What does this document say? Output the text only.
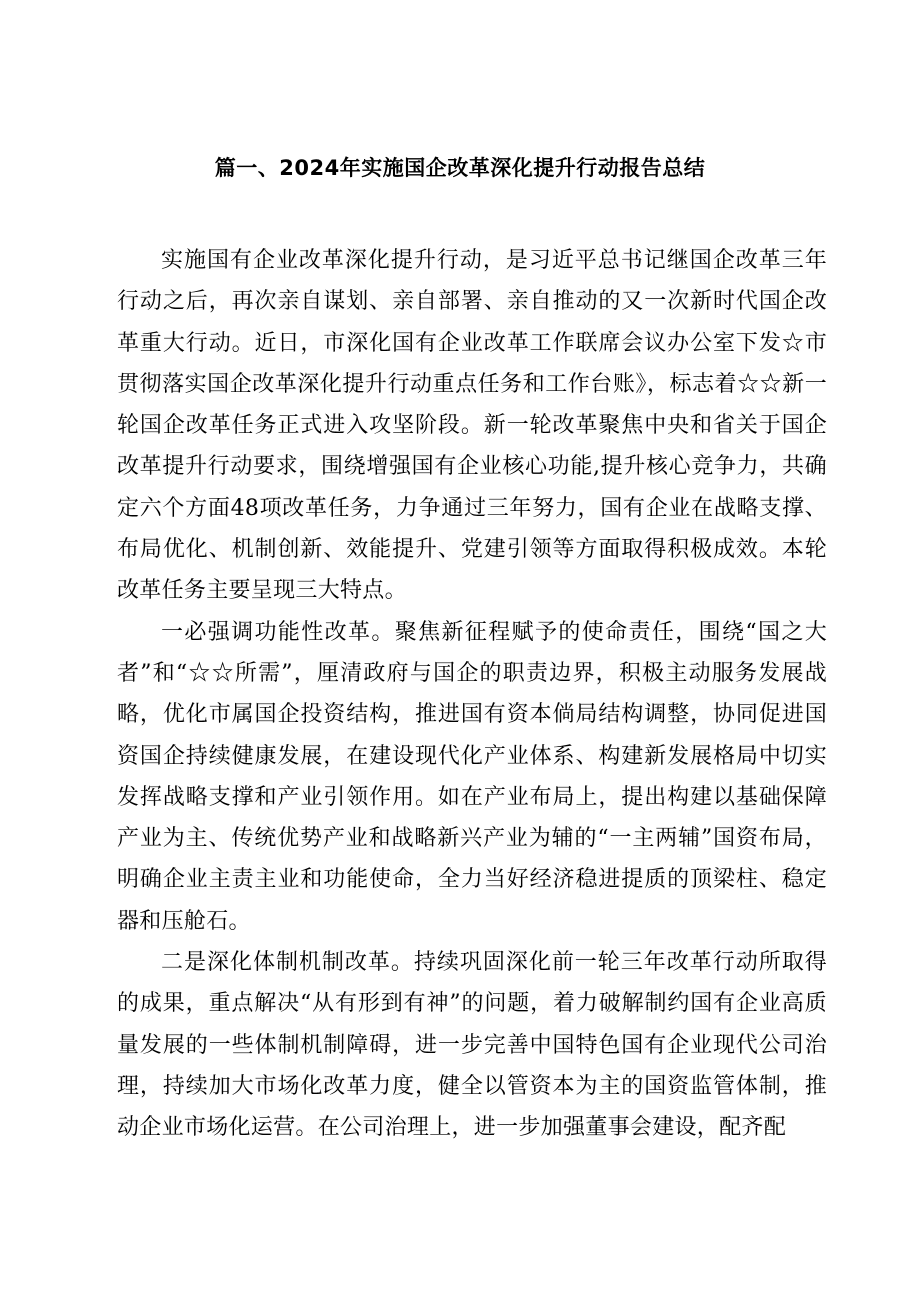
篇一、2024年实施国企改革深化提升行动报告总结

实施国有企业改革深化提升行动，是习近平总书记继国企改革三年行动之后，再次亲自谋划、亲自部署、亲自推动的又一次新时代国企改革重大行动。近日，市深化国有企业改革工作联席会议办公室下发☆市贯彻落实国企改革深化提升行动重点任务和工作台账》，标志着☆☆新一轮国企改革任务正式进入攻坚阶段。新一轮改革聚焦中央和省关于国企改革提升行动要求，围绕增强国有企业核心功能,提升核心竞争力，共确定六个方面48项改革任务，力争通过三年努力，国有企业在战略支撑、布局优化、机制创新、效能提升、党建引领等方面取得积极成效。本轮改革任务主要呈现三大特点。

一必强调功能性改革。聚焦新征程赋予的使命责任，围绕“国之大者”和“☆☆所需”，厘清政府与国企的职责边界，积极主动服务发展战略，优化市属国企投资结构，推进国有资本倘局结构调整，协同促进国资国企持续健康发展，在建设现代化产业体系、构建新发展格局中切实发挥战略支撑和产业引领作用。如在产业布局上，提出构建以基础保障产业为主、传统优势产业和战略新兴产业为辅的“一主两辅”国资布局，明确企业主责主业和功能使命，全力当好经济稳进提质的顶梁柱、稳定器和压舱石。

二是深化体制机制改革。持续巩固深化前一轮三年改革行动所取得的成果，重点解决“从有形到有神”的问题，着力破解制约国有企业高质量发展的一些体制机制障碍，进一步完善中国特色国有企业现代公司治理，持续加大市场化改革力度，健全以管资本为主的国资监管体制，推动企业市场化运营。在公司治理上，进一步加强董事会建设，配齐配
